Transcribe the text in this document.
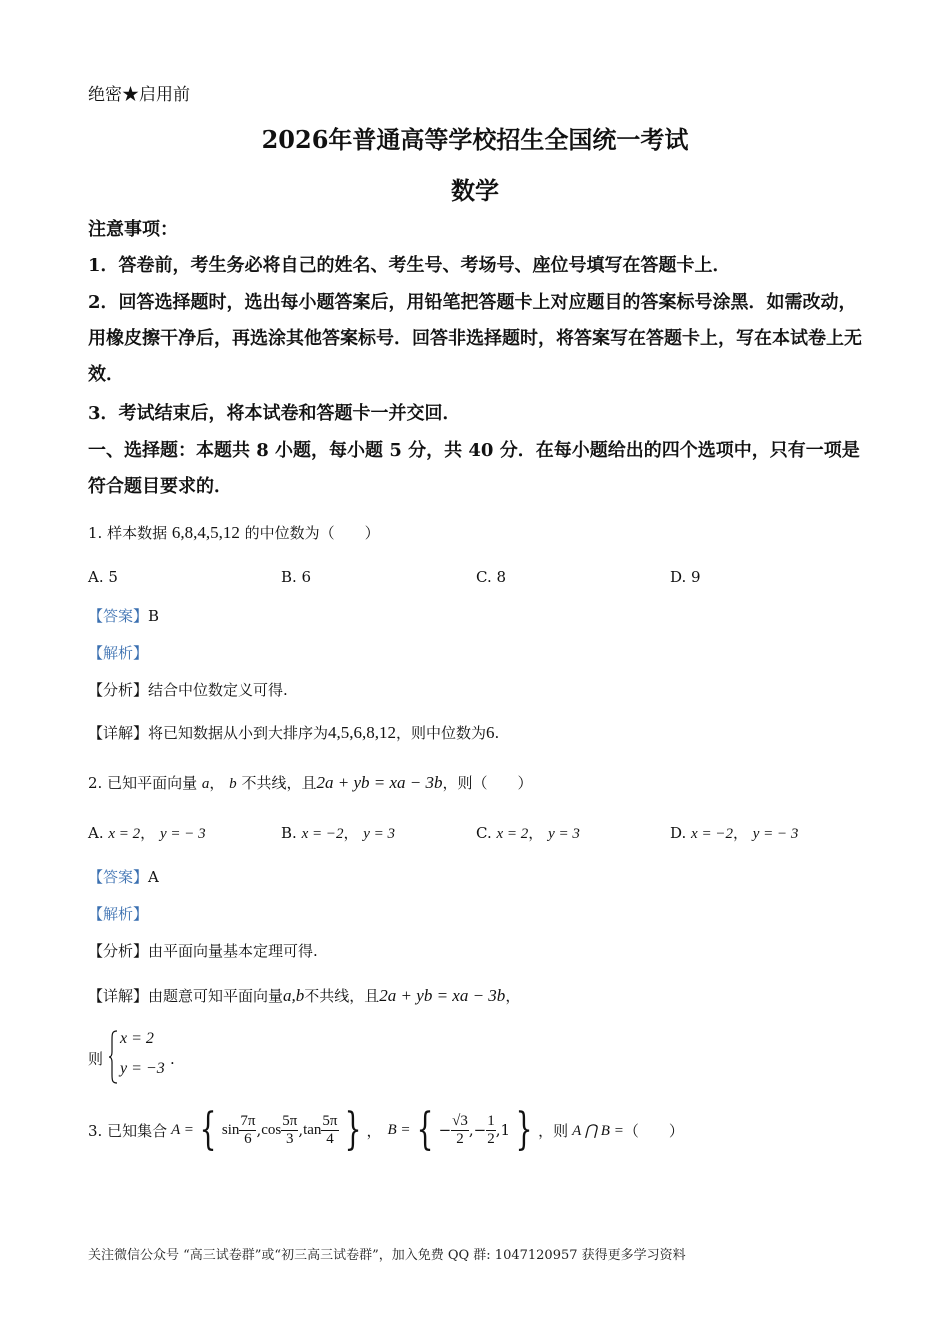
绝密★启用前
2026年普通高等学校招生全国统一考试
数学
注意事项：
1．答卷前，考生务必将自己的姓名、考生号、考场号、座位号填写在答题卡上．
2．回答选择题时，选出每小题答案后，用铅笔把答题卡上对应题目的答案标号涂黑．如需改动，用橡皮擦干净后，再选涂其他答案标号．回答非选择题时，将答案写在答题卡上，写在本试卷上无效．
3．考试结束后，将本试卷和答题卡一并交回．
一、选择题：本题共 8 小题，每小题 5 分，共 40 分．在每小题给出的四个选项中，只有一项是符合题目要求的．
1. 样本数据 6,8,4,5,12 的中位数为（　　）
A. 5	B. 6	C. 8	D. 9
【答案】B
【解析】
【分析】结合中位数定义可得.
【详解】将已知数据从小到大排序为4,5,6,8,12，则中位数为6.
2. 已知平面向量 a， b 不共线，且2a + yb = xa − 3b，则（　　）
A. x = 2， y = − 3	B. x = −2， y = 3	C. x = 2， y = 3	D. x = −2， y = − 3
【答案】A
【解析】
【分析】由平面向量基本定理可得.
【详解】由题意可知平面向量a,b不共线，且2a + yb = xa − 3b，
则
x = 2
y = −3
.
3. 已知集合 A = { $\sin \frac{7\pi}{6}$ , $\cos \frac{5\pi}{3}$ , $\tan \frac{5\pi}{4}$ } ， B = { − $\frac{√3}{2}$ , − $\frac{1}{2}$ , 1 } ， 则 A ⋂ B = （　　）
关注微信公众号 “高三试卷群”或“初三高三试卷群”，加入免费 QQ 群: 1047120957 获得更多学习资料
